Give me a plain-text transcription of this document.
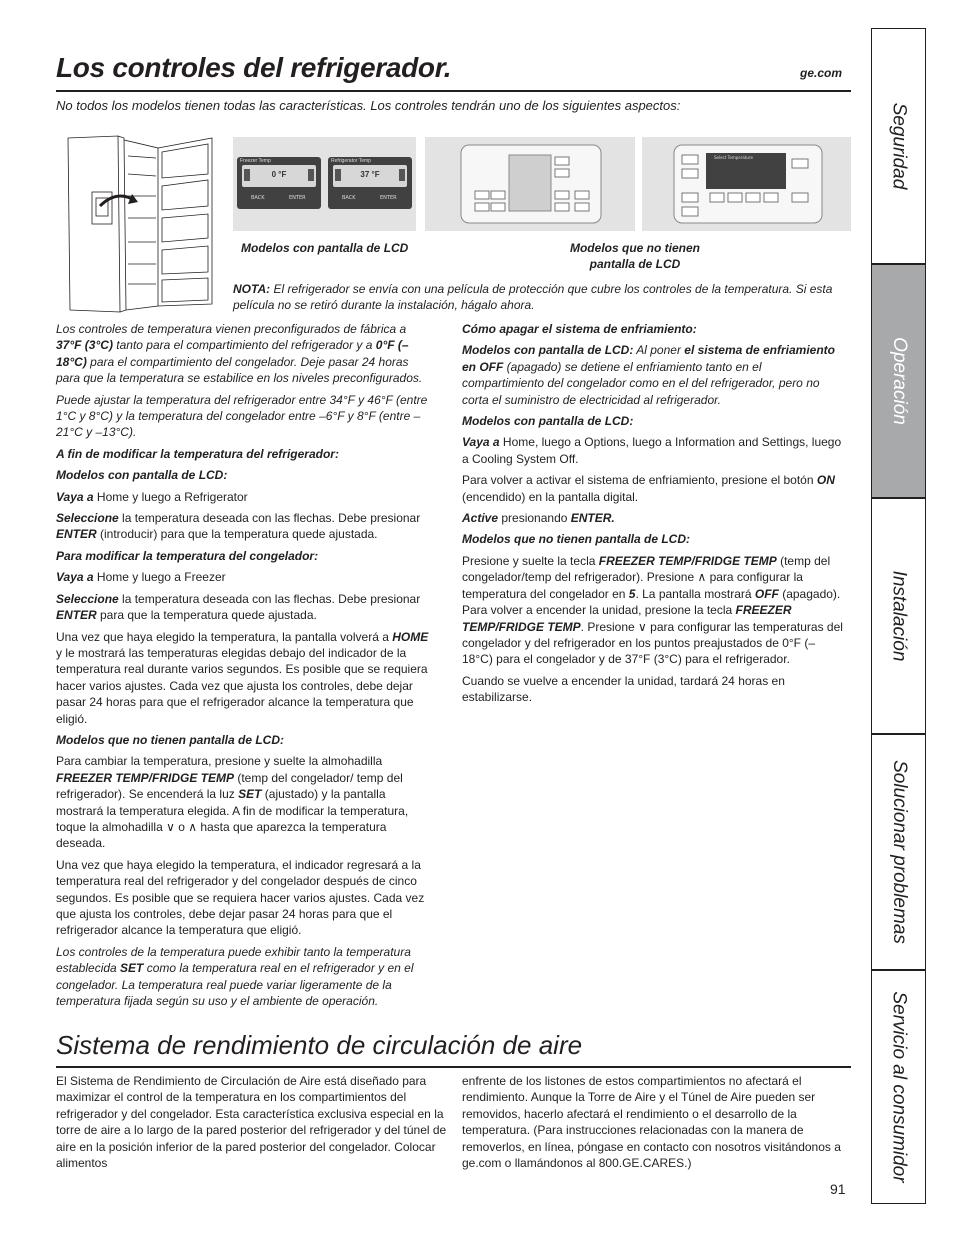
Los controles del refrigerador.	ge.com
No todos los modelos tienen todas las características. Los controles tendrán uno de los siguientes aspectos:
Freezer Temp
0 °F
BACK	ENTER
Refrigerator Temp
37 °F
BACK	ENTER
Select Temperature
Modelos con pantalla de LCD	Modelos que no tienen pantalla de LCD
NOTA: El refrigerador se envía con una película de protección que cubre los controles de la temperatura. Si esta película no se retiró durante la instalación, hágalo ahora.

Los controles de temperatura vienen preconfigurados de fábrica a 37°F (3°C) tanto para el compartimiento del refrigerador y a 0°F (–18°C) para el compartimiento del congelador. Deje pasar 24 horas para que la temperatura se estabilice en los niveles preconfigurados.

Puede ajustar la temperatura del refrigerador entre 34°F y 46°F (entre 1°C y 8°C) y la temperatura del congelador entre –6°F y 8°F (entre –21°C y –13°C).

A fin de modificar la temperatura del refrigerador:

Modelos con pantalla de LCD:

Vaya a Home y luego a Refrigerator

Seleccione la temperatura deseada con las flechas. Debe presionar ENTER (introducir) para que la temperatura quede ajustada.

Para modificar la temperatura del congelador:

Vaya a Home y luego a Freezer

Seleccione la temperatura deseada con las flechas. Debe presionar ENTER para que la temperatura quede ajustada.

Una vez que haya elegido la temperatura, la pantalla volverá a HOME y le mostrará las temperaturas elegidas debajo del indicador de la temperatura real durante varios segundos. Es posible que se requiera hacer varios ajustes. Cada vez que ajusta los controles, debe dejar pasar 24 horas para que el refrigerador alcance la temperatura que eligió.

Modelos que no tienen pantalla de LCD:

Para cambiar la temperatura, presione y suelte la almohadilla FREEZER TEMP/FRIDGE TEMP (temp del congelador/ temp del refrigerador). Se encenderá la luz SET (ajustado) y la pantalla mostrará la temperatura elegida. A fin de modificar la temperatura, toque la almohadilla ∨ o ∧ hasta que aparezca la temperatura deseada.

Una vez que haya elegido la temperatura, el indicador regresará a la temperatura real del refrigerador y del congelador después de cinco segundos. Es posible que se requiera hacer varios ajustes. Cada vez que ajusta los controles, debe dejar pasar 24 horas para que el refrigerador alcance la temperatura que eligió.

Los controles de la temperatura puede exhibir tanto la temperatura establecida SET como la temperatura real en el refrigerador y en el congelador. La temperatura real puede variar ligeramente de la temperatura fijada según su uso y el ambiente de operación.

Cómo apagar el sistema de enfriamiento:

Modelos con pantalla de LCD: Al poner el sistema de enfriamiento en OFF (apagado) se detiene el enfriamiento tanto en el compartimiento del congelador como en el del refrigerador, pero no corta el suministro de electricidad al refrigerador.

Modelos con pantalla de LCD:

Vaya a Home, luego a Options, luego a Information and Settings, luego a Cooling System Off.

Para volver a activar el sistema de enfriamiento, presione el botón ON (encendido) en la pantalla digital.

Active presionando ENTER.

Modelos que no tienen pantalla de LCD:

Presione y suelte la tecla FREEZER TEMP/FRIDGE TEMP (temp del congelador/temp del refrigerador). Presione ∧ para configurar la temperatura del congelador en 5. La pantalla mostrará OFF (apagado). Para volver a encender la unidad, presione la tecla FREEZER TEMP/FRIDGE TEMP. Presione ∨ para configurar las temperaturas del congelador y del refrigerador en los puntos preajustados de 0°F (–18°C) para el congelador y de 37°F (3°C) para el refrigerador.

Cuando se vuelve a encender la unidad, tardará 24 horas en estabilizarse.

Sistema de rendimiento de circulación de aire
El Sistema de Rendimiento de Circulación de Aire está diseñado para maximizar el control de la temperatura en los compartimientos del refrigerador y del congelador. Esta característica exclusiva especial en la torre de aire a lo largo de la pared posterior del refrigerador y del túnel de aire en la posición inferior de la pared posterior del congelador. Colocar alimentos
enfrente de los listones de estos compartimientos no afectará el rendimiento. Aunque la Torre de Aire y el Túnel de Aire pueden ser removidos, hacerlo afectará el rendimiento o el desarrollo de la temperatura. (Para instrucciones relacionadas con la manera de removerlos, en línea, póngase en contacto con nosotros visitándonos a ge.com o llamándonos al 800.GE.CARES.)
91
Seguridad
Operación
Instalación
Solucionar problemas
Servicio al consumidor
